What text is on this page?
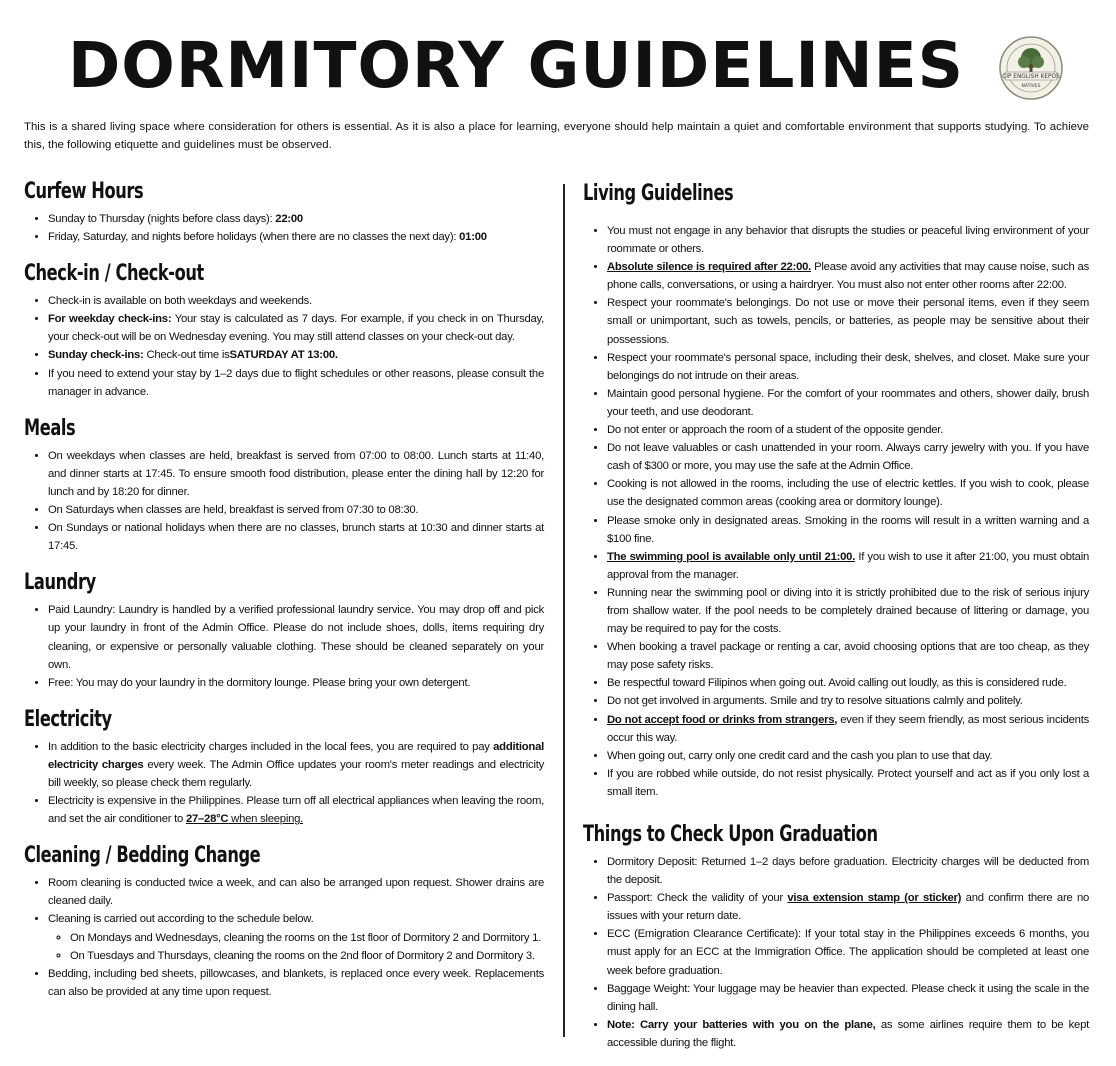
DORMITORY GUIDELINES	CIP ENGLISH KEPOS
NATIVES

This is a shared living space where consideration for others is essential. As it is also a place for learning, everyone should help maintain a quiet and comfortable environment that supports studying. To achieve this, the following etiquette and guidelines must be observed.

Curfew Hours
• Sunday to Thursday (nights before class days): 22:00
• Friday, Saturday, and nights before holidays (when there are no classes the next day): 01:00
Check-in / Check-out
• Check-in is available on both weekdays and weekends.
• For weekday check-ins: Your stay is calculated as 7 days. For example, if you check in on Thursday, your check-out will be on Wednesday evening. You may still attend classes on your check-out day.
• Sunday check-ins: Check-out time isSATURDAY AT 13:00.
• If you need to extend your stay by 1–2 days due to flight schedules or other reasons, please consult the manager in advance.
Meals
• On weekdays when classes are held, breakfast is served from 07:00 to 08:00. Lunch starts at 11:40, and dinner starts at 17:45. To ensure smooth food distribution, please enter the dining hall by 12:20 for lunch and by 18:20 for dinner.
• On Saturdays when classes are held, breakfast is served from 07:30 to 08:30.
• On Sundays or national holidays when there are no classes, brunch starts at 10:30 and dinner starts at 17:45.
Laundry
• Paid Laundry: Laundry is handled by a verified professional laundry service. You may drop off and pick up your laundry in front of the Admin Office. Please do not include shoes, dolls, items requiring dry cleaning, or expensive or personally valuable clothing. These should be cleaned separately on your own.
• Free: You may do your laundry in the dormitory lounge. Please bring your own detergent.
Electricity
• In addition to the basic electricity charges included in the local fees, you are required to pay additional electricity charges every week. The Admin Office updates your room's meter readings and electricity bill weekly, so please check them regularly.
• Electricity is expensive in the Philippines. Please turn off all electrical appliances when leaving the room, and set the air conditioner to 27–28°C when sleeping.
Cleaning / Bedding Change
• Room cleaning is conducted twice a week, and can also be arranged upon request. Shower drains are cleaned daily.
• Cleaning is carried out according to the schedule below.
◦ On Mondays and Wednesdays, cleaning the rooms on the 1st floor of Dormitory 2 and Dormitory 1.
◦ On Tuesdays and Thursdays, cleaning the rooms on the 2nd floor of Dormitory 2 and Dormitory 3.
• Bedding, including bed sheets, pillowcases, and blankets, is replaced once every week. Replacements can also be provided at any time upon request.
Living Guidelines
• You must not engage in any behavior that disrupts the studies or peaceful living environment of your roommate or others.
• Absolute silence is required after 22:00. Please avoid any activities that may cause noise, such as phone calls, conversations, or using a hairdryer. You must also not enter other rooms after 22:00.
• Respect your roommate's belongings. Do not use or move their personal items, even if they seem small or unimportant, such as towels, pencils, or batteries, as people may be sensitive about their possessions.
• Respect your roommate's personal space, including their desk, shelves, and closet. Make sure your belongings do not intrude on their areas.
• Maintain good personal hygiene. For the comfort of your roommates and others, shower daily, brush your teeth, and use deodorant.
• Do not enter or approach the room of a student of the opposite gender.
• Do not leave valuables or cash unattended in your room. Always carry jewelry with you. If you have cash of $300 or more, you may use the safe at the Admin Office.
• Cooking is not allowed in the rooms, including the use of electric kettles. If you wish to cook, please use the designated common areas (cooking area or dormitory lounge).
• Please smoke only in designated areas. Smoking in the rooms will result in a written warning and a $100 fine.
• The swimming pool is available only until 21:00. If you wish to use it after 21:00, you must obtain approval from the manager.
• Running near the swimming pool or diving into it is strictly prohibited due to the risk of serious injury from shallow water. If the pool needs to be completely drained because of littering or damage, you may be required to pay for the costs.
• When booking a travel package or renting a car, avoid choosing options that are too cheap, as they may pose safety risks.
• Be respectful toward Filipinos when going out. Avoid calling out loudly, as this is considered rude.
• Do not get involved in arguments. Smile and try to resolve situations calmly and politely.
• Do not accept food or drinks from strangers, even if they seem friendly, as most serious incidents occur this way.
• When going out, carry only one credit card and the cash you plan to use that day.
• If you are robbed while outside, do not resist physically. Protect yourself and act as if you only lost a small item.
Things to Check Upon Graduation
• Dormitory Deposit: Returned 1–2 days before graduation. Electricity charges will be deducted from the deposit.
• Passport: Check the validity of your visa extension stamp (or sticker) and confirm there are no issues with your return date.
• ECC (Emigration Clearance Certificate): If your total stay in the Philippines exceeds 6 months, you must apply for an ECC at the Immigration Office. The application should be completed at least one week before graduation.
• Baggage Weight: Your luggage may be heavier than expected. Please check it using the scale in the dining hall.
• Note: Carry your batteries with you on the plane, as some airlines require them to be kept accessible during the flight.
